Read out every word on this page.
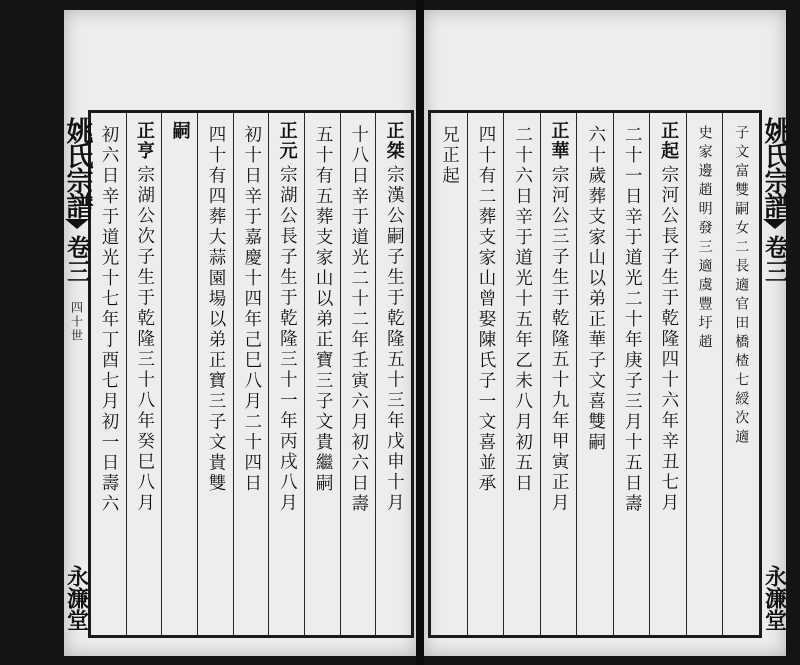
姚氏宗譜
卷三
四十世
永濂堂
正桀
宗漢公嗣子生于乾隆五十三年戊申十月
十八日辛于道光二十二年壬寅六月初六日壽
五十有五葬支家山以弟正寶三子文貴繼嗣
正元
宗湖公長子生于乾隆三十一年丙戌八月
初十日辛于嘉慶十四年己巳八月二十四日
四十有四葬大蒜園場以弟正寶三子文貴雙
嗣
正亨
宗湖公次子生于乾隆三十八年癸巳八月
初六日辛于道光十七年丁酉七月初一日壽六	姚氏宗譜
卷三
永濂堂
子文富雙嗣女二長適官田橋楂七綬次適
史家邊趙明發三適虞豐圩趙
正起
宗河公長子生于乾隆四十六年辛丑七月
二十一日辛于道光二十年庚子三月十五日壽
六十歲葬支家山以弟正華子文喜雙嗣
正華
宗河公三子生于乾隆五十九年甲寅正月
二十六日辛于道光十五年乙未八月初五日
四十有二葬支家山曾娶陳氏子一文喜並承
兄正起
